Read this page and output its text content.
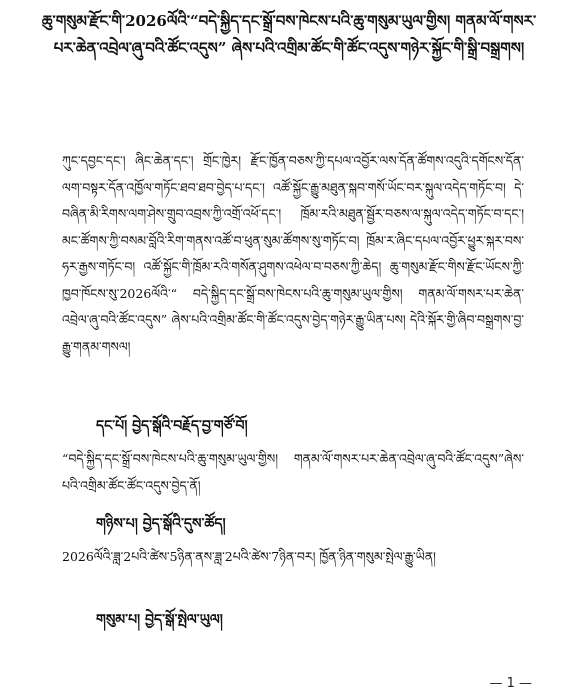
ཆུ་གསུམ་རྫོང་གི་2026ལོའི་“བདེ་སྐྱིད་དང་སྒྲོ་བས་ཁེངས་པའི་ཆུ་གསུམ་ཡུལ་གྱིས། གནམ་ལོ་གསར་པར་ཆེན་འབྲེལ་ཞུ་བའི་ཚོང་འདུས” ཞེས་པའི་འགྲིམ་ཚོང་གི་ཚོང་འདུས་གཉེར་སྐྱོང་གི་སྒྲི་བསྒྲགས།
ཀུང་དབྱང་དང་། ཞིང་ཆེན་དང་། གྲོང་ཁྱེར། རྫོང་ཁྱོན་བཅས་ཀྱི་དཔལ་འབྱོར་ལས་དོན་ཚོགས་འདུའི་དགོངས་དོན་ལག་བསྟར་དོན་འཁྱོལ་གཏོང་ཐབ་ཐབ་བྱེད་པ་དང་། འཚོ་སྐྱོང་རྒྱུ་མཐུན་སྐབ་གསོ་ཡོང་བར་སྐུལ་འདེད་གཏོང་བ། དེ་བཞིན་མི་རིགས་ལག་ཤེས་གྲུབ་འབྲས་ཀྱི་འགྲོ་འཕོ་དང་། ཁྲོམ་རའི་མཐུན་སྦྱོར་བཅས་ལ་སྐུལ་འདེད་གཏོང་བ་དང་། མང་ཚོགས་ཀྱི་བསམ་བློའི་རིག་གནས་འཚོ་བ་ཕུན་སུམ་ཚོགས་སུ་གཏོང་བ། ཁྲོམ་ར་ཞིང་དཔལ་འབྱོར་ཕྱུར་སྐར་བས་ཧར་རྒྱས་གཏོང་བ། འཚོ་སྐྱོང་གི་ཁྲོམ་རའི་གསོན་ཤུགས་འཕེལ་བ་བཅས་ཀྱི་ཆེད། ཆུ་གསུམ་རྫོང་གིས་རྫོང་ཡོངས་ཀྱི་ཁྱབ་ཁོངས་སུ་2026ལོའི་“ བདེ་སྐྱིད་དང་སྒྲོ་བས་ཁེངས་པའི་ཆུ་གསུམ་ཡུལ་གྱིས། གནམ་ལོ་གསར་པར་ཆེན་འབྲེལ་ཞུ་བའི་ཚོང་འདུས” ཞེས་པའི་འགྲིམ་ཚོང་གི་ཚོང་འདུས་བྱེད་གཉེར་རྒྱུ་ཡིན་པས། དེའི་སྐོར་གྱི་ཞིབ་བསྒྲགས་བྱ་རྒྱུ་གནམ་གསལ།
དང་པོ། བྱེད་སྒོའི་བརྗོད་བྱ་གཙོ་བོ།
“བདེ་སྐྱིད་དང་སྒྲོ་བས་ཁེངས་པའི་ཆུ་གསུམ་ཡུལ་གྱིས། གནམ་ལོ་གསར་པར་ཆེན་འབྲེལ་ཞུ་བའི་ཚོང་འདུས”ཞེས་པའི་འགྲིམ་ཚོང་ཚོང་འདུས་བྱེད་ནོ།
གཉིས་པ། བྱེད་སྒོའི་དུས་ཚོད།
2026ལོའི་ཟླ་2པའི་ཚེས་5ཉིན་ནས་ཟླ་2པའི་ཚེས་7ཉིན་བར། ཁྱོན་ཉིན་གསུམ་སྤེལ་རྒྱུ་ཡིན།
གསུམ་པ། བྱེད་སྒོ་སྤེལ་ཡུལ།
— 1 —
